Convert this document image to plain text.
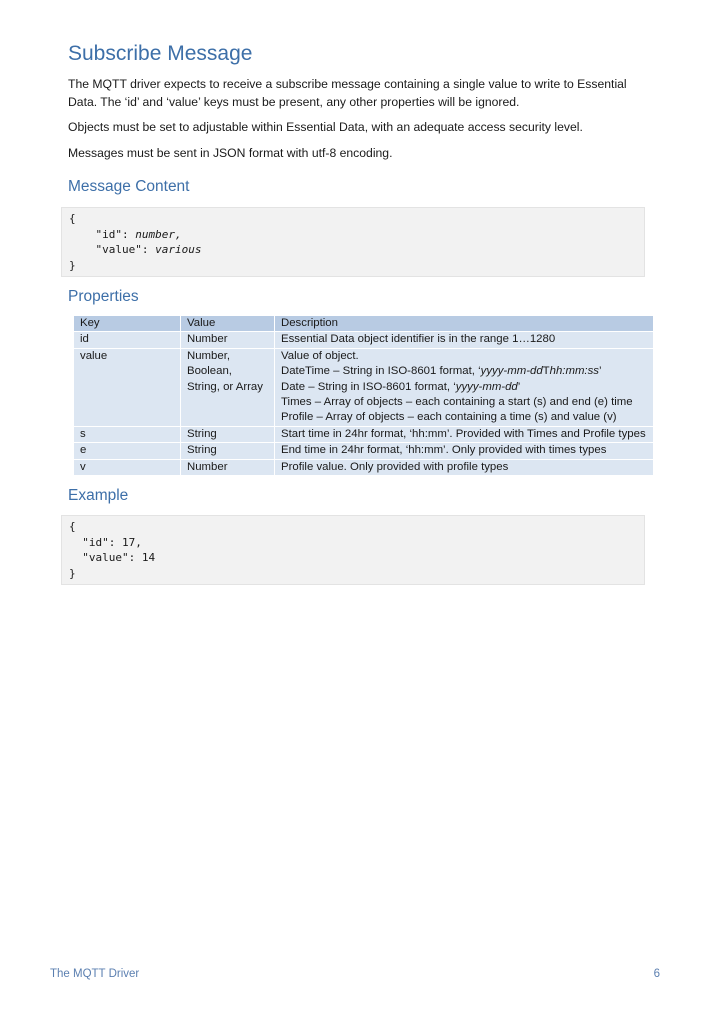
Subscribe Message

The MQTT driver expects to receive a subscribe message containing a single value to write to Essential Data. The ‘id’ and ‘value’ keys must be present, any other properties will be ignored.

Objects must be set to adjustable within Essential Data, with an adequate access security level.

Messages must be sent in JSON format with utf-8 encoding.

Message Content
{
"id": number,
"value": various
}
Properties
Key	Value	Description
id	Number	Essential Data object identifier is in the range 1…1280
value	Number, Boolean, String, or Array	Value of object.
DateTime – String in ISO-8601 format, ‘yyyy-mm-ddThh:mm:ss’
Date – String in ISO-8601 format, ‘yyyy-mm-dd’
Times – Array of objects – each containing a start (s) and end (e) time
Profile – Array of objects – each containing a time (s) and value (v)

s	String	Start time in 24hr format, ‘hh:mm’. Provided with Times and Profile types
e	String	End time in 24hr format, ‘hh:mm’. Only provided with times types
v	Number	Profile value. Only provided with profile types
Example
{
"id": 17,
"value": 14
}
The MQTT Driver	6
